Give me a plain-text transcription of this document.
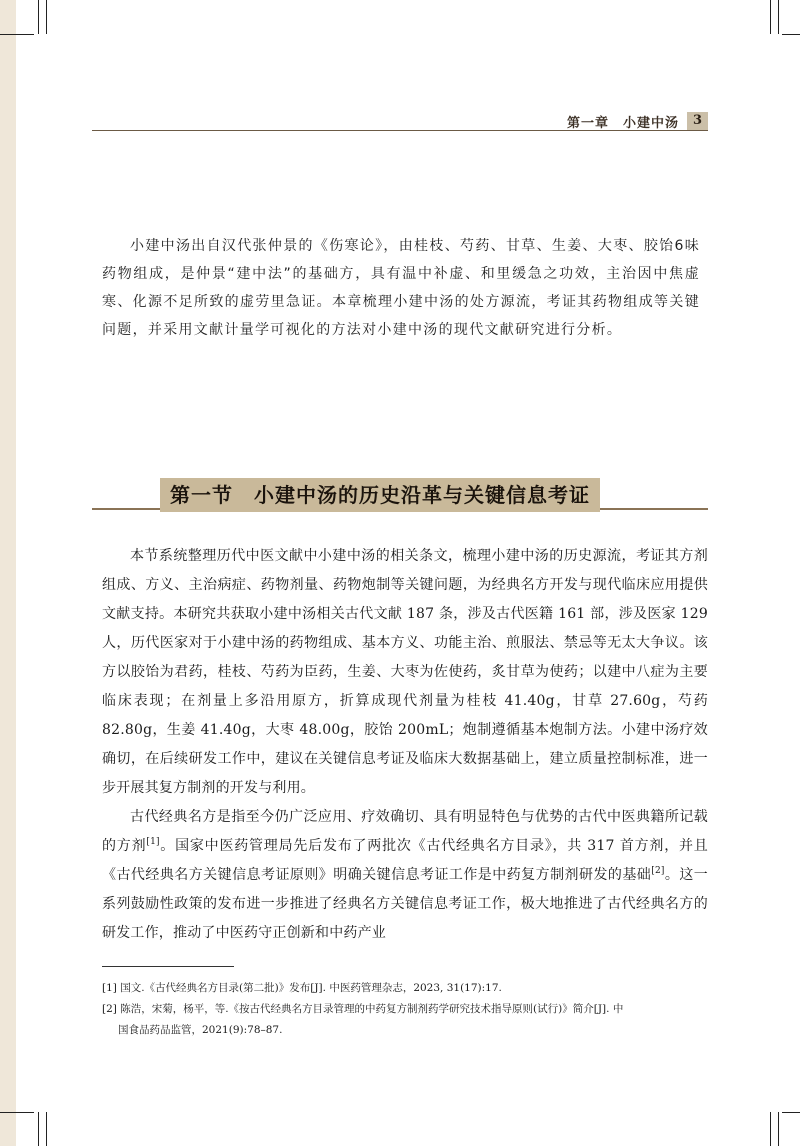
第一章　小建中汤	3

小建中汤出自汉代张仲景的《伤寒论》，由桂枝、芍药、甘草、生姜、大枣、胶饴6味药物组成，是仲景“建中法”的基础方，具有温中补虚、和里缓急之功效，主治因中焦虚寒、化源不足所致的虚劳里急证。本章梳理小建中汤的处方源流，考证其药物组成等关键问题，并采用文献计量学可视化的方法对小建中汤的现代文献研究进行分析。

第一节　小建中汤的历史沿革与关键信息考证

本节系统整理历代中医文献中小建中汤的相关条文，梳理小建中汤的历史源流，考证其方剂组成、方义、主治病症、药物剂量、药物炮制等关键问题，为经典名方开发与现代临床应用提供文献支持。本研究共获取小建中汤相关古代文献 187 条，涉及古代医籍 161 部，涉及医家 129 人，历代医家对于小建中汤的药物组成、基本方义、功能主治、煎服法、禁忌等无太大争议。该方以胶饴为君药，桂枝、芍药为臣药，生姜、大枣为佐使药，炙甘草为使药；以建中八症为主要临床表现；在剂量上多沿用原方，折算成现代剂量为桂枝 41.40g，甘草 27.60g，芍药 82.80g，生姜 41.40g，大枣 48.00g，胶饴 200mL；炮制遵循基本炮制方法。小建中汤疗效确切，在后续研发工作中，建议在关键信息考证及临床大数据基础上，建立质量控制标准，进一步开展其复方制剂的开发与利用。

古代经典名方是指至今仍广泛应用、疗效确切、具有明显特色与优势的古代中医典籍所记载的方剂[1]。国家中医药管理局先后发布了两批次《古代经典名方目录》，共 317 首方剂，并且《古代经典名方关键信息考证原则》明确关键信息考证工作是中药复方制剂研发的基础[2]。这一系列鼓励性政策的发布进一步推进了经典名方关键信息考证工作，极大地推进了古代经典名方的研发工作，推动了中医药守正创新和中药产业

[1] 国文.《古代经典名方目录(第二批)》发布[J]. 中医药管理杂志，2023, 31(17):17.

[2] 陈浩，宋菊，杨平，等.《按古代经典名方目录管理的中药复方制剂药学研究技术指导原则(试行)》简介[J]. 中

国食品药品监管，2021(9):78–87.
